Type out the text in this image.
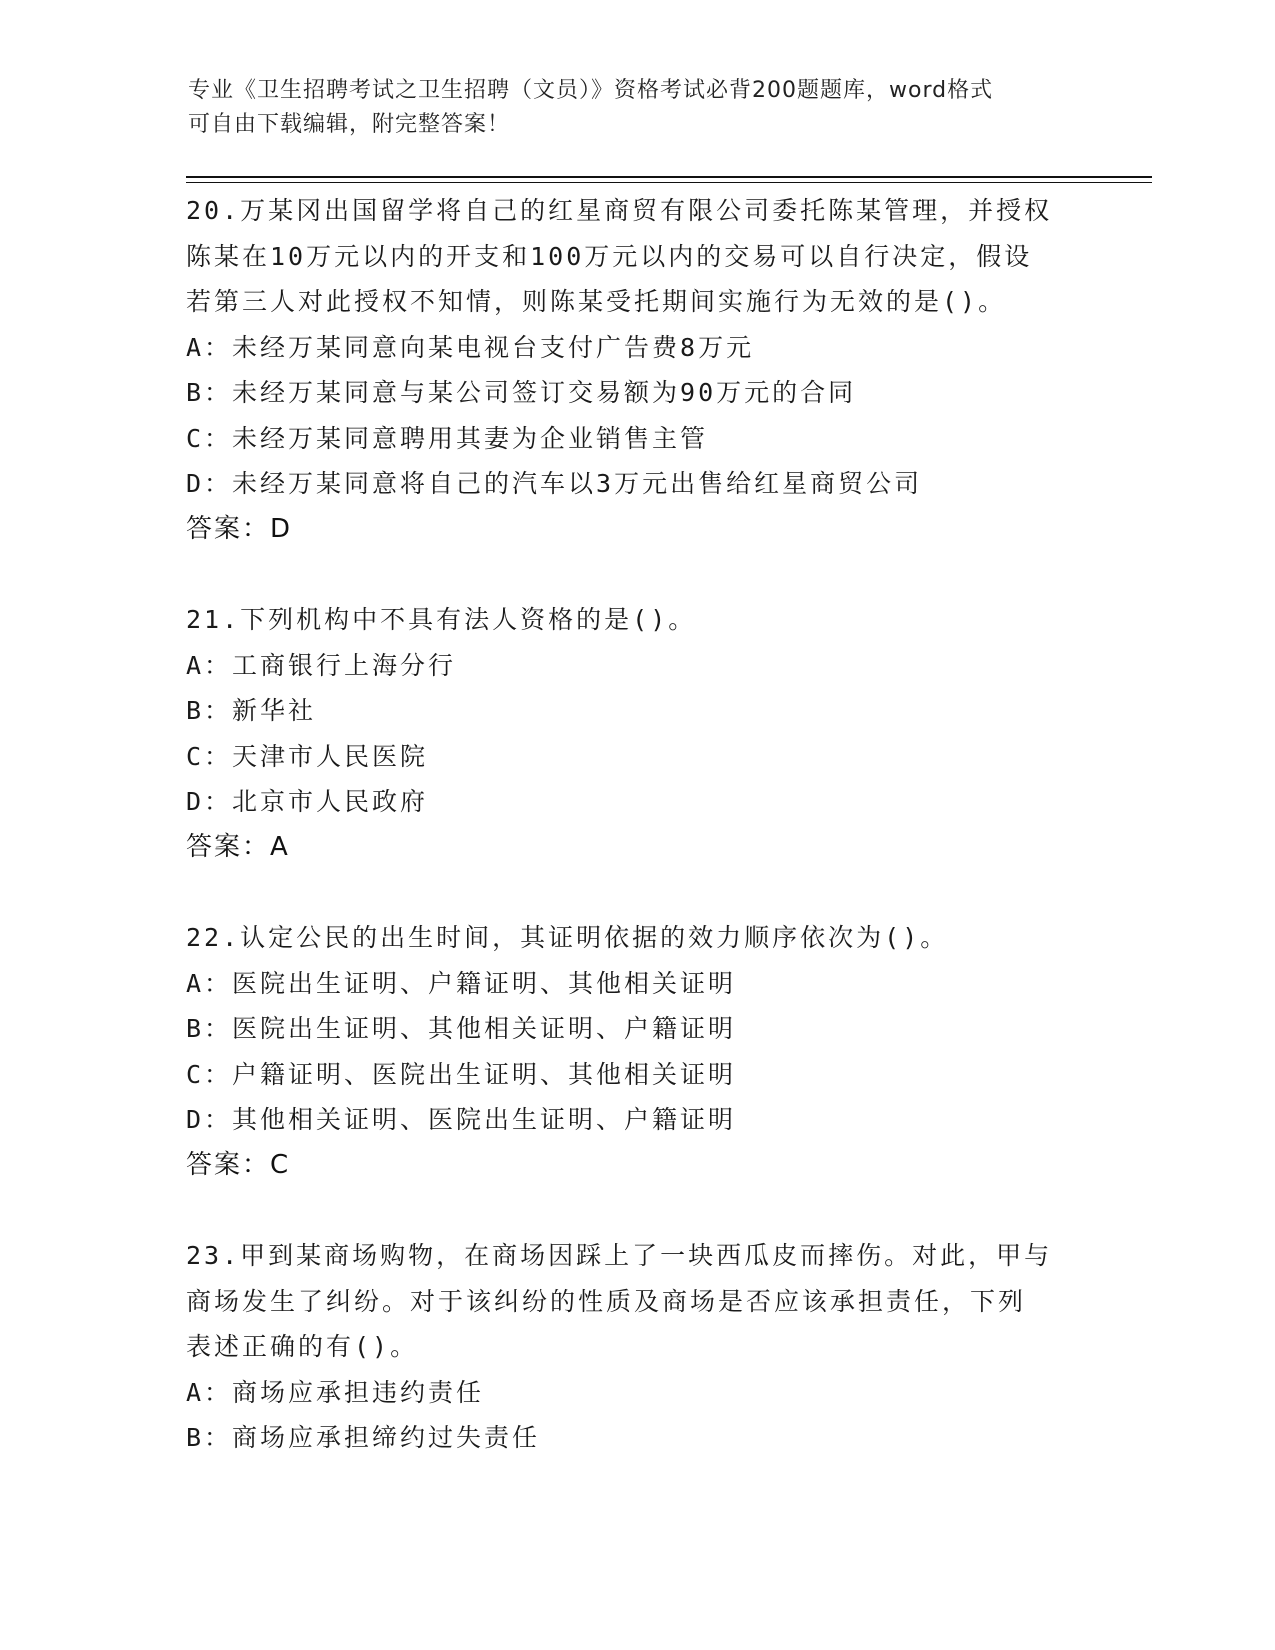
专业《卫生招聘考试之卫生招聘（文员）》资格考试必背200题题库，word格式
可自由下载编辑，附完整答案！
20.万某冈出国留学将自己的红星商贸有限公司委托陈某管理，并授权
陈某在10万元以内的开支和100万元以内的交易可以自行决定，假设
若第三人对此授权不知情，则陈某受托期间实施行为无效的是()。
A：未经万某同意向某电视台支付广告费8万元
B：未经万某同意与某公司签订交易额为90万元的合同
C：未经万某同意聘用其妻为企业销售主管
D：未经万某同意将自己的汽车以3万元出售给红星商贸公司
答案：D
21.下列机构中不具有法人资格的是()。
A：工商银行上海分行
B：新华社
C：天津市人民医院
D：北京市人民政府
答案：A
22.认定公民的出生时间，其证明依据的效力顺序依次为()。
A：医院出生证明、户籍证明、其他相关证明
B：医院出生证明、其他相关证明、户籍证明
C：户籍证明、医院出生证明、其他相关证明
D：其他相关证明、医院出生证明、户籍证明
答案：C
23.甲到某商场购物，在商场因踩上了一块西瓜皮而摔伤。对此，甲与
商场发生了纠纷。对于该纠纷的性质及商场是否应该承担责任，下列
表述正确的有()。
A：商场应承担违约责任
B：商场应承担缔约过失责任
